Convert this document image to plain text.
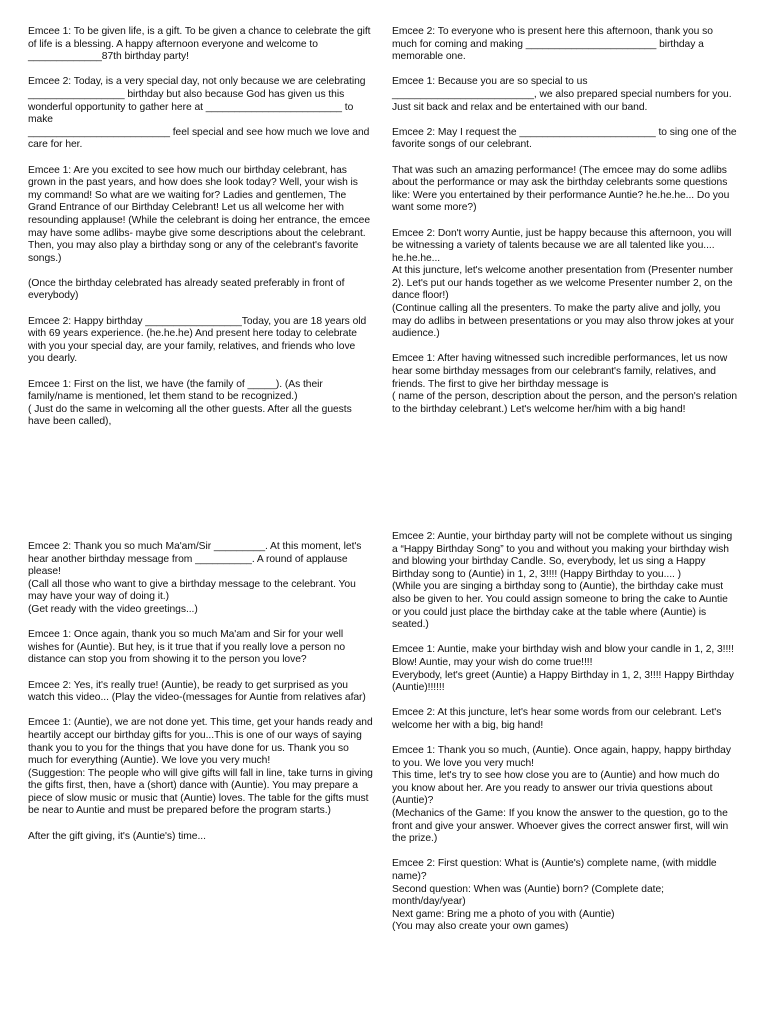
Emcee 1: To be given life, is a gift. To be given a chance to celebrate the gift of life is a blessing. A happy afternoon everyone and welcome to _____________87th birthday party!

Emcee 2: Today, is a very special day, not only because we are celebrating _________________ birthday but also because God has given us this wonderful opportunity to gather here at ________________________ to make
_________________________ feel special and see how much we love and care for her.

Emcee 1: Are you excited to see how much our birthday celebrant, has grown in the past years, and how does she look today? Well, your wish is my command! So what are we waiting for? Ladies and gentlemen, The Grand Entrance of our Birthday Celebrant! Let us all welcome her with resounding applause! (While the celebrant is doing her entrance, the emcee may have some adlibs- maybe give some descriptions about the celebrant. Then, you may also play a birthday song or any of the celebrant's favorite songs.)

(Once the birthday celebrated has already seated preferably in front of everybody)

Emcee 2: Happy birthday _________________Today, you are 18 years old with 69 years experience. (he.he.he) And present here today to celebrate with you your special day, are your family, relatives, and friends who love you dearly.

Emcee 1: First on the list, we have (the family of _____). (As their family/name is mentioned, let them stand to be recognized.)
( Just do the same in welcoming all the other guests. After all the guests have been called),

Emcee 2: To everyone who is present here this afternoon, thank you so much for coming and making _______________________ birthday a memorable one.

Emcee 1: Because you are so special to us
_________________________, we also prepared special numbers for you. Just sit back and relax and be entertained with our band.

Emcee 2: May I request the ________________________ to sing one of the favorite songs of our celebrant.

That was such an amazing performance! (The emcee may do some adlibs about the performance or may ask the birthday celebrants some questions like: Were you entertained by their performance Auntie? he.he.he... Do you want some more?)

Emcee 2: Don't worry Auntie, just be happy because this afternoon, you will be witnessing a variety of talents because we are all talented like you.... he.he.he...
At this juncture, let's welcome another presentation from (Presenter number 2). Let's put our hands together as we welcome Presenter number 2, on the dance floor!)
(Continue calling all the presenters. To make the party alive and jolly, you may do adlibs in between presentations or you may also throw jokes at your audience.)

Emcee 1: After having witnessed such incredible performances, let us now hear some birthday messages from our celebrant's family, relatives, and friends. The first to give her birthday message is
( name of the person, description about the person, and the person's relation to the birthday celebrant.) Let's welcome her/him with a big hand!

Emcee 2: Thank you so much Ma'am/Sir _________. At this moment, let's hear another birthday message from __________. A round of applause please!
(Call all those who want to give a birthday message to the celebrant. You may have your way of doing it.)
(Get ready with the video greetings...)

Emcee 1: Once again, thank you so much Ma'am and Sir for your well wishes for (Auntie). But hey, is it true that if you really love a person no distance can stop you from showing it to the person you love?

Emcee 2: Yes, it's really true! (Auntie), be ready to get surprised as you watch this video... (Play the video-(messages for Auntie from relatives afar)

Emcee 1: (Auntie), we are not done yet. This time, get your hands ready and heartily accept our birthday gifts for you...This is one of our ways of saying thank you to you for the things that you have done for us. Thank you so much for everything (Auntie). We love you very much!
(Suggestion: The people who will give gifts will fall in line, take turns in giving the gifts first, then, have a (short) dance with (Auntie). You may prepare a piece of slow music or music that (Auntie) loves. The table for the gifts must be near to Auntie and must be prepared before the program starts.)

After the gift giving, it's (Auntie's) time...

Emcee 2: Auntie, your birthday party will not be complete without us singing a “Happy Birthday Song” to you and without you making your birthday wish and blowing your birthday Candle. So, everybody, let us sing a Happy Birthday song to (Auntie) in 1, 2, 3!!!! (Happy Birthday to you.... )
(While you are singing a birthday song to (Auntie), the birthday cake must also be given to her. You could assign someone to bring the cake to Auntie or you could just place the birthday cake at the table where (Auntie) is seated.)

Emcee 1: Auntie, make your birthday wish and blow your candle in 1, 2, 3!!!! Blow! Auntie, may your wish do come true!!!!
Everybody, let's greet (Auntie) a Happy Birthday in 1, 2, 3!!!! Happy Birthday (Auntie)!!!!!!

Emcee 2: At this juncture, let's hear some words from our celebrant. Let's welcome her with a big, big hand!

Emcee 1: Thank you so much, (Auntie). Once again, happy, happy birthday to you. We love you very much!
This time, let's try to see how close you are to (Auntie) and how much do you know about her. Are you ready to answer our trivia questions about (Auntie)?
(Mechanics of the Game: If you know the answer to the question, go to the front and give your answer. Whoever gives the correct answer first, will win the prize.)

Emcee 2: First question: What is (Auntie's) complete name, (with middle name)?
Second question: When was (Auntie) born? (Complete date; month/day/year)
Next game: Bring me a photo of you with (Auntie)
(You may also create your own games)
